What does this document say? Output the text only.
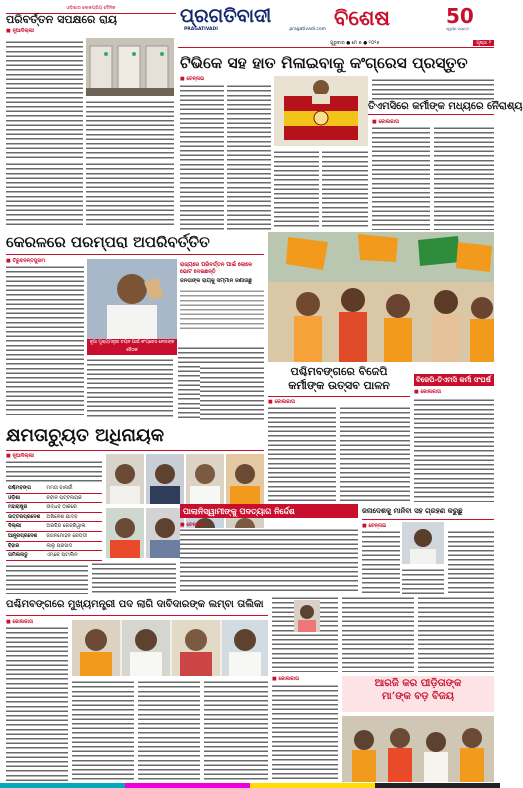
ଓଡ଼ିଶାର ଲୋକପ୍ରିୟ ଦୈନିକ	ପ୍ରଗତିବାଦୀ
PRAGATIVADI	pragativadi.com ବିଶେଷ	50
ସ୍ୱର୍ଣ୍ଣ ଜୟନ୍ତୀ
ଗୁରୁବାର ● ମେ ୭ ● ୨୦୨୬	ପୃଷ୍ଠା ୨
ପରିବର୍ତ୍ତନ ସପକ୍ଷରେ ରାୟ
■ ନୂଆଦିଲ୍ଲୀ
ଟିଭିକେ ସହ ହାତ ମିଳାଇବାକୁ କଂଗ୍ରେସ ପ୍ରସ୍ତୁତ
■ ଚେନ୍ନାଇ
ତିଏମସିରେ କର୍ମୀଙ୍କ ମଧ୍ୟରେ ନୈରାଶ୍ୟ
■ କୋଲକାତା
କେରଳରେ ପରମ୍ପରା ଅପରିବର୍ତ୍ତିତ
■ ତିରୁବନନ୍ତପୁରମ
ନୂଆ ମୁଖ୍ୟମନ୍ତ୍ରୀ ଚୟନ ପାଇଁ କଂଗ୍ରେସ ନେତାଙ୍କ ବୈଠକ
ରାଜ୍ୟରେ ପରିବର୍ତ୍ତନ ପାଇଁ ଲୋକେ ଭୋଟ ଦେଇଛନ୍ତି
ଜନତାଙ୍କ ରାୟକୁ ସମ୍ମାନ ଜଣାଉଛୁ
ପଶ୍ଚିମବଙ୍ଗରେ ବିଜେପି
କର୍ମୀଙ୍କ ଉତ୍ସବ ପାଳନ
■ କୋଲକାତା
ବିଜେପି-ତିଏମସି କର୍ମୀ ସଂଘର୍ଷ
■ କୋଲକାତା
କ୍ଷମତାଚ୍ୟୁତ ଅଧିନାୟକ
■ ନୂଆଦିଲ୍ଲୀ
ପଶ୍ଚିମବଙ୍ଗ	ମମତା ବାନାର୍ଜୀ
ଓଡ଼ିଶା	ନବୀନ ପଟ୍ଟନାୟକ
ମହାରାଷ୍ଟ୍ର	ଉଦ୍ଧବ ଠାକରେ
ଉତ୍ତରପ୍ରଦେଶ	ଅଖିଳେଶ ଯାଦବ
ଦିଲ୍ଲୀ	ଅରବିନ୍ଦ କେଜ୍ରିୱାଲ
ଆନ୍ଧ୍ରପ୍ରଦେଶ	ଜଗନମୋହନ ରେଡ୍ଡୀ
ବିହାର	ଲାଲୁ ପ୍ରସାଦ
ତାମିଲନାଡୁ	ଏମ୍‌କେ ଷ୍ଟାଲିନ
ପାଲାନିସ୍ୱାମୀଙ୍କୁ ପଦତ୍ୟାଗ ନିର୍ଦ୍ଦେଶ
■ ଚେନ୍ନାଇ
ଜନାଦେଶକୁ ମାନିବା ସହ ଗ୍ରହଣ କରୁଛୁ
■ ଚେନ୍ନାଇ
ପଶ୍ଚିମବଙ୍ଗରେ ମୁଖ୍ୟମନ୍ତ୍ରୀ ପଦ ଲାଗି ଦାବିଦାରଙ୍କ ଲମ୍ବା ତାଲିକା
■ କୋଲକାତା
ଆରଜି କର ପୀଡ଼ିତାଙ୍କ
ମା’ଙ୍କ ବଡ଼ ବିଜୟ
■ କୋଲକାତା
